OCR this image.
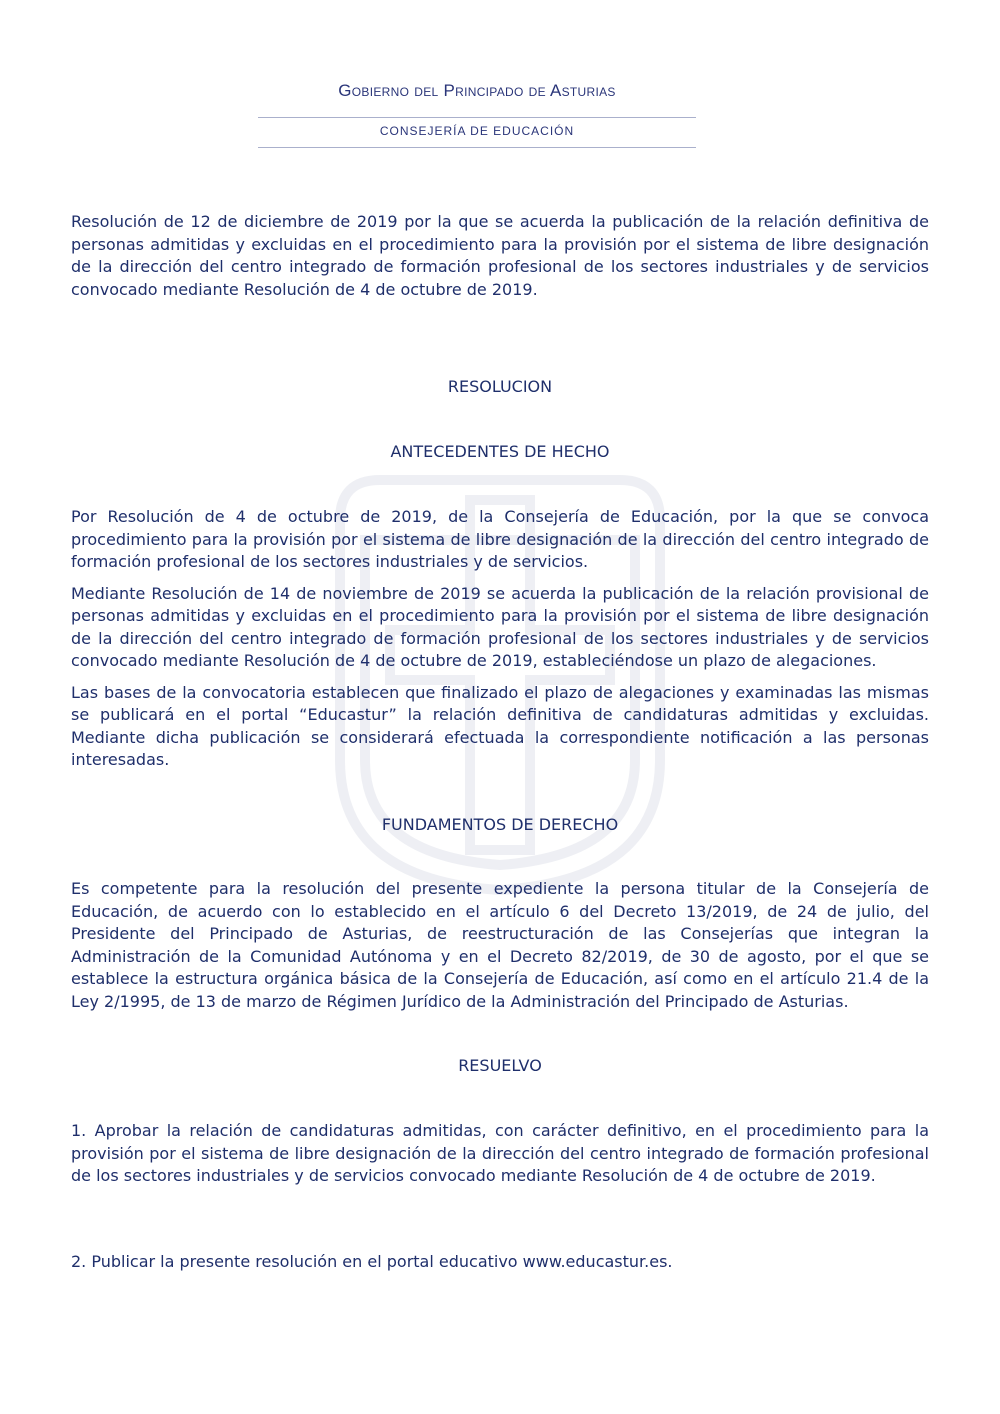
Gobierno del Principado de Asturias

CONSEJERÍA DE EDUCACIÓN

Resolución de 12 de diciembre de 2019 por la que se acuerda la publicación de la relación definitiva de personas admitidas y excluidas en el procedimiento para la provisión por el sistema de libre designación de la dirección del centro integrado de formación profesional de los sectores industriales y de servicios convocado mediante Resolución de 4 de octubre de 2019.

RESOLUCION

ANTECEDENTES DE HECHO

Por Resolución de 4 de octubre de 2019, de la Consejería de Educación, por la que se convoca procedimiento para la provisión por el sistema de libre designación de la dirección del centro integrado de formación profesional de los sectores industriales y de servicios.

Mediante Resolución de 14 de noviembre de 2019 se acuerda la publicación de la relación provisional de personas admitidas y excluidas en el procedimiento para la provisión por el sistema de libre designación de la dirección del centro integrado de formación profesional de los sectores industriales y de servicios convocado mediante Resolución de 4 de octubre de 2019, estableciéndose un plazo de alegaciones.

Las bases de la convocatoria establecen que finalizado el plazo de alegaciones y examinadas las mismas se publicará en el portal “Educastur” la relación definitiva de candidaturas admitidas y excluidas. Mediante dicha publicación se considerará efectuada la correspondiente notificación a las personas interesadas.

FUNDAMENTOS DE DERECHO

Es competente para la resolución del presente expediente la persona titular de la Consejería de Educación, de acuerdo con lo establecido en el artículo 6 del Decreto 13/2019, de 24 de julio, del Presidente del Principado de Asturias, de reestructuración de las Consejerías que integran la Administración de la Comunidad Autónoma y en el Decreto 82/2019, de 30 de agosto, por el que se establece la estructura orgánica básica de la Consejería de Educación, así como en el artículo 21.4 de la Ley 2/1995, de 13 de marzo de Régimen Jurídico de la Administración del Principado de Asturias.

RESUELVO

1. Aprobar la relación de candidaturas admitidas, con carácter definitivo, en el procedimiento para la provisión por el sistema de libre designación de la dirección del centro integrado de formación profesional de los sectores industriales y de servicios convocado mediante Resolución de 4 de octubre de 2019.

2. Publicar la presente resolución en el portal educativo www.educastur.es.
